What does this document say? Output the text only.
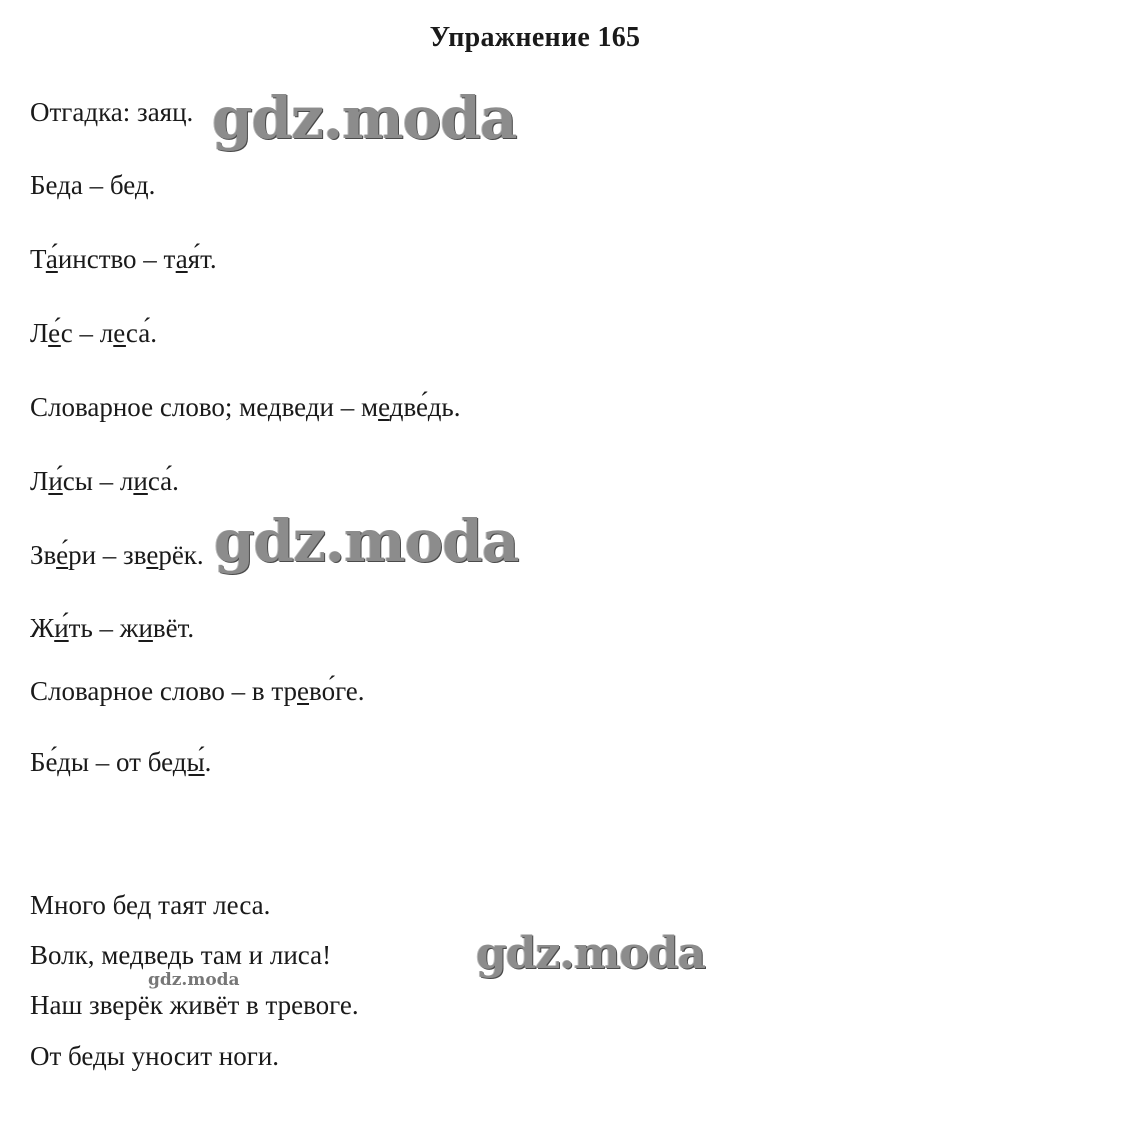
Упражнение 165
Отгадка: заяц.
Беда – бед.
Та́инство – тая́т.
Ле́с – леса́.
Словарное слово; медведи – медве́дь.
Ли́сы – лиса́.
Зве́ри – зверёк.
Жи́ть – живёт.
Словарное слово – в трево́ге.
Бе́ды – от беды́.
Много бед таят леса.
Волк, медведь там и лиса!
Наш зверёк живёт в тревоге.
От беды уносит ноги.
gdz.moda
gdz.moda
gdz.moda
gdz.moda
